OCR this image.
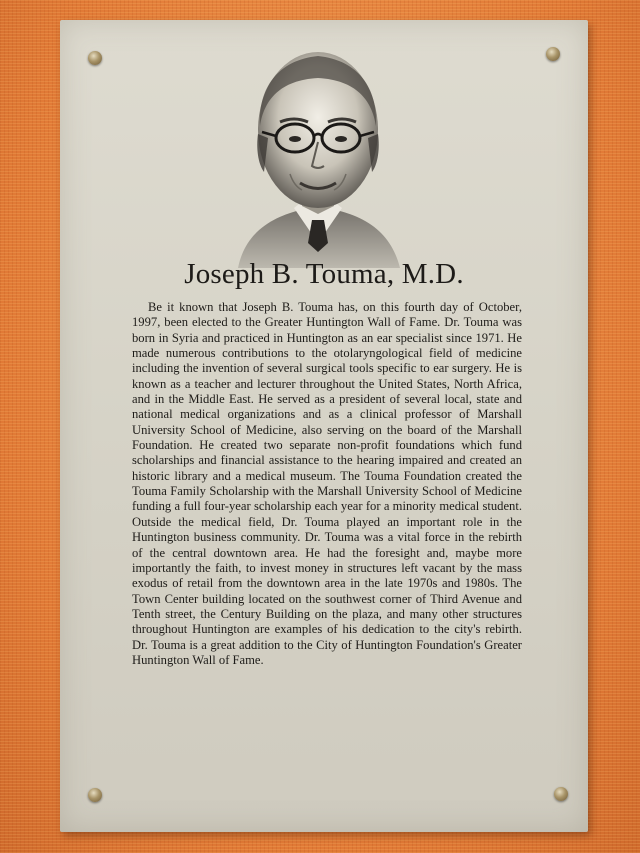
Joseph B. Touma, M.D.

Be it known that Joseph B. Touma has, on this fourth day of October, 1997, been elected to the Greater Huntington Wall of Fame. Dr. Touma was born in Syria and practiced in Huntington as an ear specialist since 1971. He made numerous contributions to the otolaryngological field of medicine including the invention of several surgical tools specific to ear surgery. He is known as a teacher and lecturer throughout the United States, North Africa, and in the Middle East. He served as a president of several local, state and national medical organizations and as a clinical professor of Marshall University School of Medicine, also serving on the board of the Marshall Foundation. He created two separate non-profit foundations which fund scholarships and financial assistance to the hearing impaired and created an historic library and a medical museum. The Touma Foundation created the Touma Family Scholarship with the Marshall University School of Medicine funding a full four-year scholarship each year for a minority medical student. Outside the medical field, Dr. Touma played an important role in the Huntington business community. Dr. Touma was a vital force in the rebirth of the central downtown area. He had the foresight and, maybe more importantly the faith, to invest money in structures left vacant by the mass exodus of retail from the downtown area in the late 1970s and 1980s. The Town Center building located on the southwest corner of Third Avenue and Tenth street, the Century Building on the plaza, and many other structures throughout Huntington are examples of his dedication to the city's rebirth. Dr. Touma is a great addition to the City of Huntington Foundation's Greater Huntington Wall of Fame.
